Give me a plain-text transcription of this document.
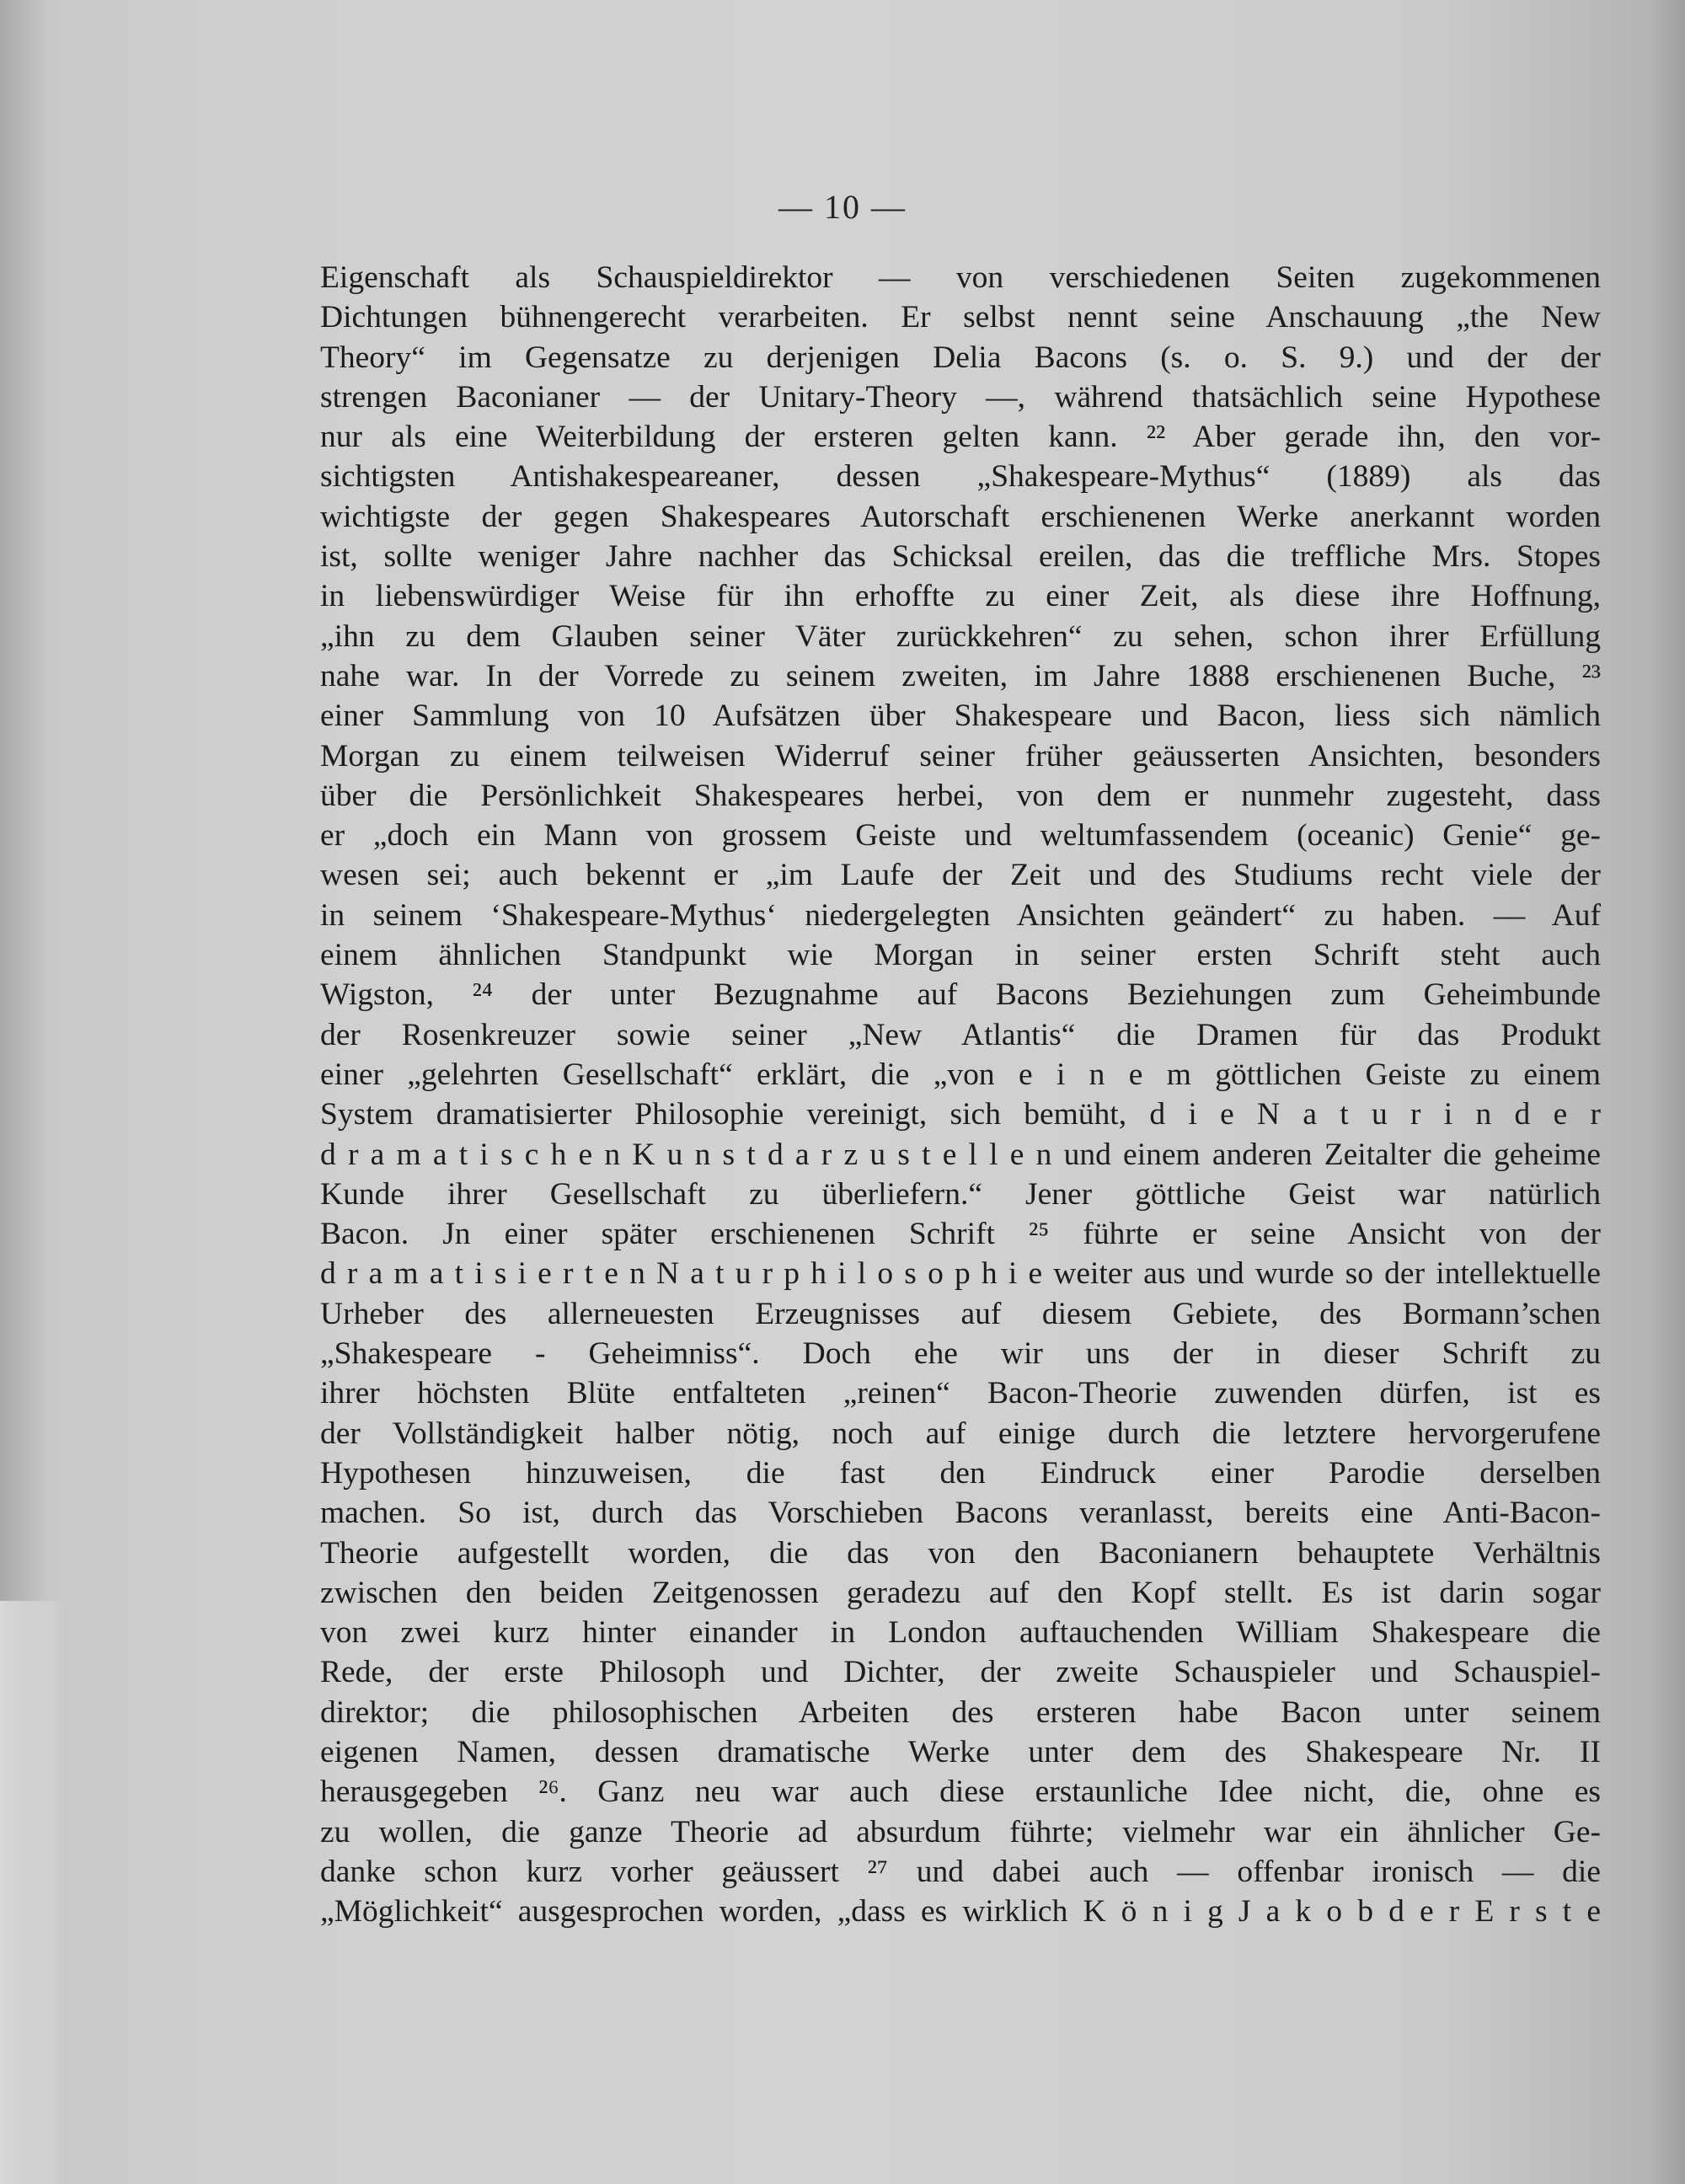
— 10 —
Eigenschaft als Schauspieldirektor — von verschiedenen Seiten zugekommenen
Dichtungen bühnengerecht verarbeiten. Er selbst nennt seine Anschauung „the New
Theory“ im Gegensatze zu derjenigen Delia Bacons (s. o. S. 9.) und der der
strengen Baconianer — der Unitary-Theory —, während thatsächlich seine Hypothese
nur als eine Weiterbildung der ersteren gelten kann. ²² Aber gerade ihn, den vor-
sichtigsten Antishakespeareaner, dessen „Shakespeare-Mythus“ (1889) als das
wichtigste der gegen Shakespeares Autorschaft erschienenen Werke anerkannt worden
ist, sollte weniger Jahre nachher das Schicksal ereilen, das die treffliche Mrs. Stopes
in liebenswürdiger Weise für ihn erhoffte zu einer Zeit, als diese ihre Hoffnung,
„ihn zu dem Glauben seiner Väter zurückkehren“ zu sehen, schon ihrer Erfüllung
nahe war. In der Vorrede zu seinem zweiten, im Jahre 1888 erschienenen Buche, ²³
einer Sammlung von 10 Aufsätzen über Shakespeare und Bacon, liess sich nämlich
Morgan zu einem teilweisen Widerruf seiner früher geäusserten Ansichten, besonders
über die Persönlichkeit Shakespeares herbei, von dem er nunmehr zugesteht, dass
er „doch ein Mann von grossem Geiste und weltumfassendem (oceanic) Genie“ ge-
wesen sei; auch bekennt er „im Laufe der Zeit und des Studiums recht viele der
in seinem ‘Shakespeare-Mythus‘ niedergelegten Ansichten geändert“ zu haben. — Auf
einem ähnlichen Standpunkt wie Morgan in seiner ersten Schrift steht auch
Wigston, ²⁴ der unter Bezugnahme auf Bacons Beziehungen zum Geheimbunde
der Rosenkreuzer sowie seiner „New Atlantis“ die Dramen für das Produkt
einer „gelehrten Gesellschaft“ erklärt, die „von e i n e m göttlichen Geiste zu einem
System dramatisierter Philosophie vereinigt, sich bemüht, d i e N a t u r i n d e r
d r a m a t i s c h e n K u n s t d a r z u s t e l l e n und einem anderen Zeitalter die geheime
Kunde ihrer Gesellschaft zu überliefern.“ Jener göttliche Geist war natürlich
Bacon. Jn einer später erschienenen Schrift ²⁵ führte er seine Ansicht von der
d r a m a t i s i e r t e n N a t u r p h i l o s o p h i e weiter aus und wurde so der intellektuelle
Urheber des allerneuesten Erzeugnisses auf diesem Gebiete, des Bormann’schen
„Shakespeare - Geheimniss“. Doch ehe wir uns der in dieser Schrift zu
ihrer höchsten Blüte entfalteten „reinen“ Bacon-Theorie zuwenden dürfen, ist es
der Vollständigkeit halber nötig, noch auf einige durch die letztere hervorgerufene
Hypothesen hinzuweisen, die fast den Eindruck einer Parodie derselben
machen. So ist, durch das Vorschieben Bacons veranlasst, bereits eine Anti-Bacon-
Theorie aufgestellt worden, die das von den Baconianern behauptete Verhältnis
zwischen den beiden Zeitgenossen geradezu auf den Kopf stellt. Es ist darin sogar
von zwei kurz hinter einander in London auftauchenden William Shakespeare die
Rede, der erste Philosoph und Dichter, der zweite Schauspieler und Schauspiel-
direktor; die philosophischen Arbeiten des ersteren habe Bacon unter seinem
eigenen Namen, dessen dramatische Werke unter dem des Shakespeare Nr. II
herausgegeben ²⁶. Ganz neu war auch diese erstaunliche Idee nicht, die, ohne es
zu wollen, die ganze Theorie ad absurdum führte; vielmehr war ein ähnlicher Ge-
danke schon kurz vorher geäussert ²⁷ und dabei auch — offenbar ironisch — die
„Möglichkeit“ ausgesprochen worden, „dass es wirklich K ö n i g J a k o b d e r E r s t e
